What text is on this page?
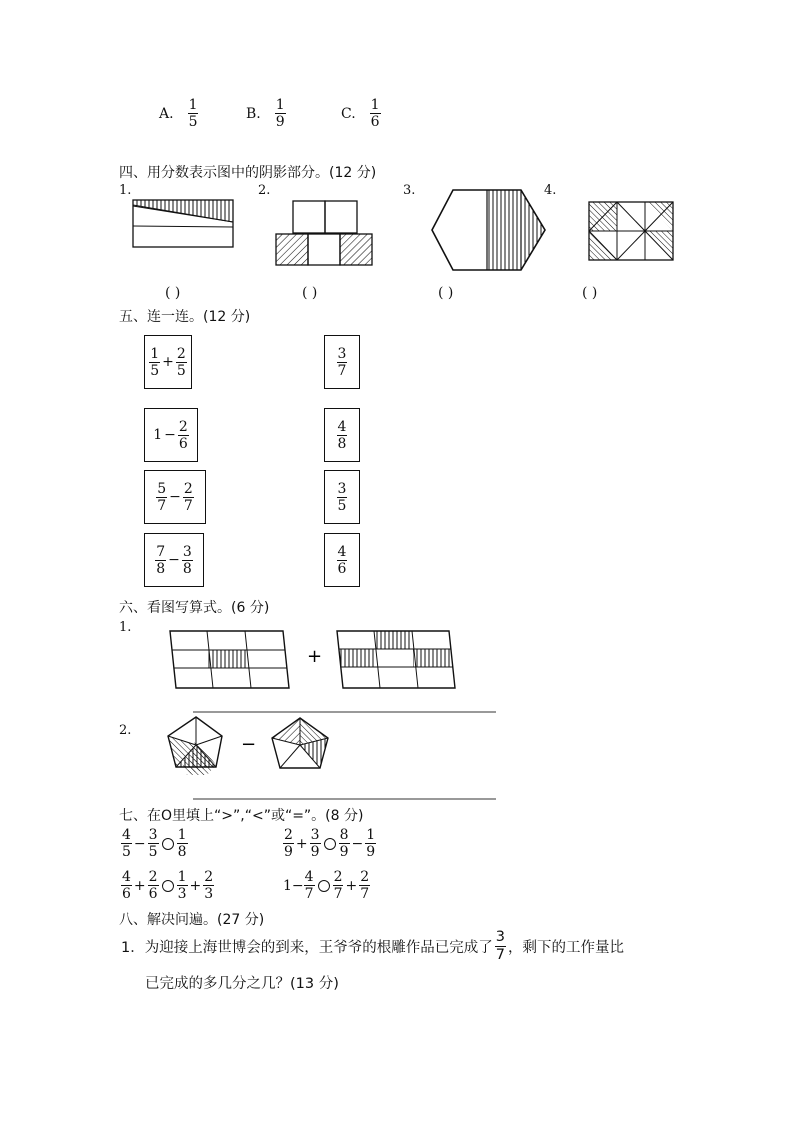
A. $\frac{1}{5}$	B. $\frac{1}{9}$	C. $\frac{1}{6}$
四、用分数表示图中的阴影部分。(12 分)
1.	2.	3.	4.
( )	( )	( )	( )
五、连一连。(12 分)
$\frac{1}{5} + \frac{2}{5}$
$1 - \frac{2}{6}$
$\frac{5}{7} - \frac{2}{7}$
$\frac{7}{8} - \frac{3}{8}$
$\frac{3}{7}$
$\frac{4}{8}$
$\frac{3}{5}$
$\frac{4}{6}$
六、看图写算式。(6 分)
1.
2.
+
−
七、在O里填上“>”,“<”或“=”。(8 分)
$\frac{4}{5} - \frac{3}{5} \frac{1}{8}$	$\frac{2}{9} + \frac{3}{9} \frac{8}{9} - \frac{1}{9}$
$\frac{4}{6} + \frac{2}{6} \frac{1}{3} + \frac{2}{3}$	$1- \frac{4}{7} \frac{2}{7} + \frac{2}{7}$
八、解决问遍。(27 分)
1．为迎接上海世博会的到来，王爷爷的根雕作品已完成了 $\frac{3}{7}$ ，剩下的工作量比
已完成的多几分之几？(13 分)
